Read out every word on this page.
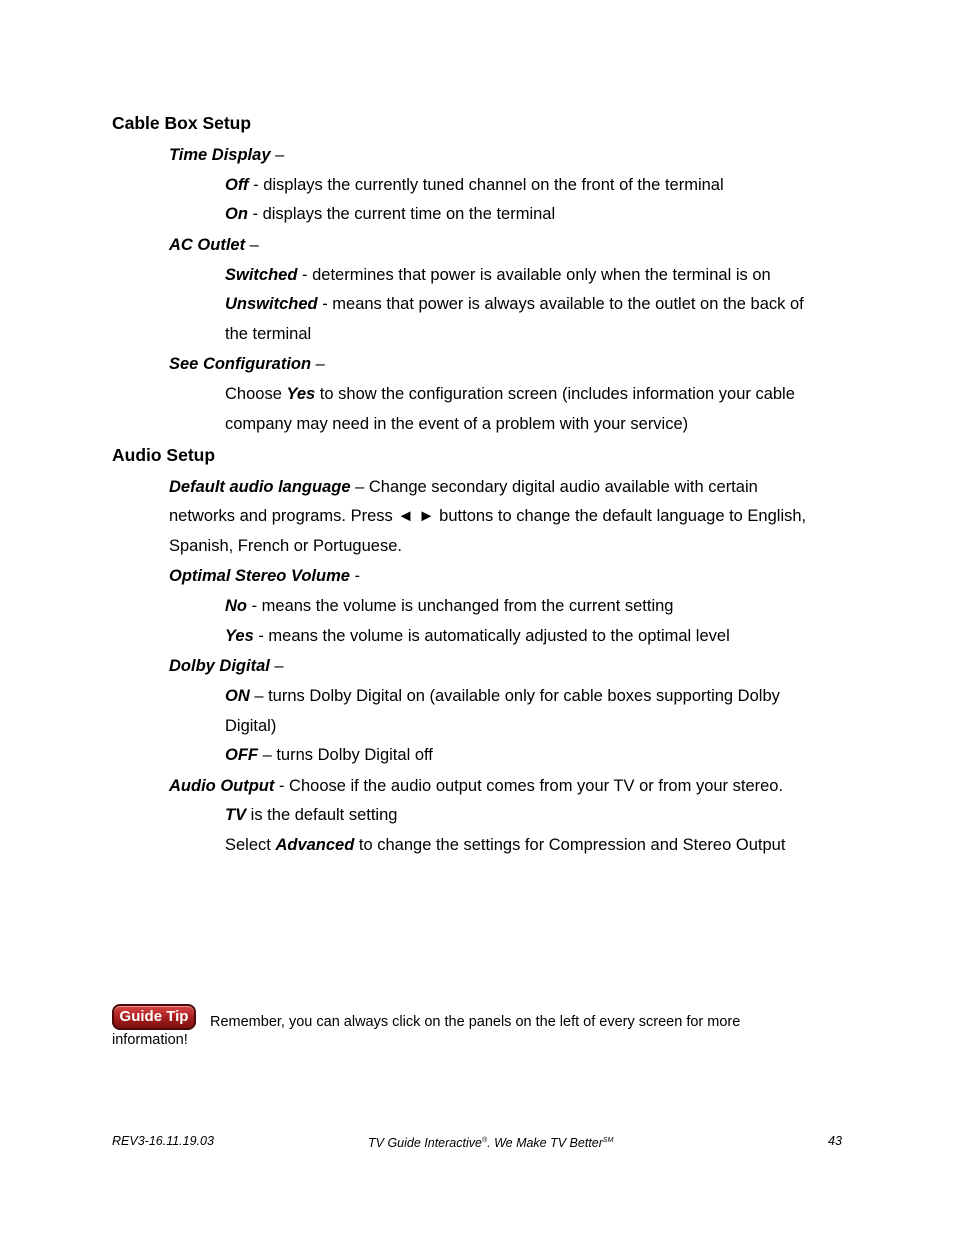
Cable Box Setup
Time Display –
Off - displays the currently tuned channel on the front of the terminal
On - displays the current time on the terminal
AC Outlet –
Switched - determines that power is available only when the terminal is on
Unswitched - means that power is always available to the outlet on the back of
the terminal
See Configuration –
Choose Yes to show the configuration screen (includes information your cable
company may need in the event of a problem with your service)
Audio Setup
Default audio language – Change secondary digital audio available with certain
networks and programs. Press ◄ ► buttons to change the default language to English,
Spanish, French or Portuguese.
Optimal Stereo Volume -
No - means the volume is unchanged from the current setting
Yes - means the volume is automatically adjusted to the optimal level
Dolby Digital –
ON – turns Dolby Digital on (available only for cable boxes supporting Dolby
Digital)
OFF – turns Dolby Digital off
Audio Output - Choose if the audio output comes from your TV or from your stereo.
TV is the default setting
Select Advanced to change the settings for Compression and Stereo Output
Guide Tip	Remember, you can always click on the panels on the left of every screen for more
information!
REV3-16.11.19.03	TV Guide Interactive®. We Make TV Better℠	43
